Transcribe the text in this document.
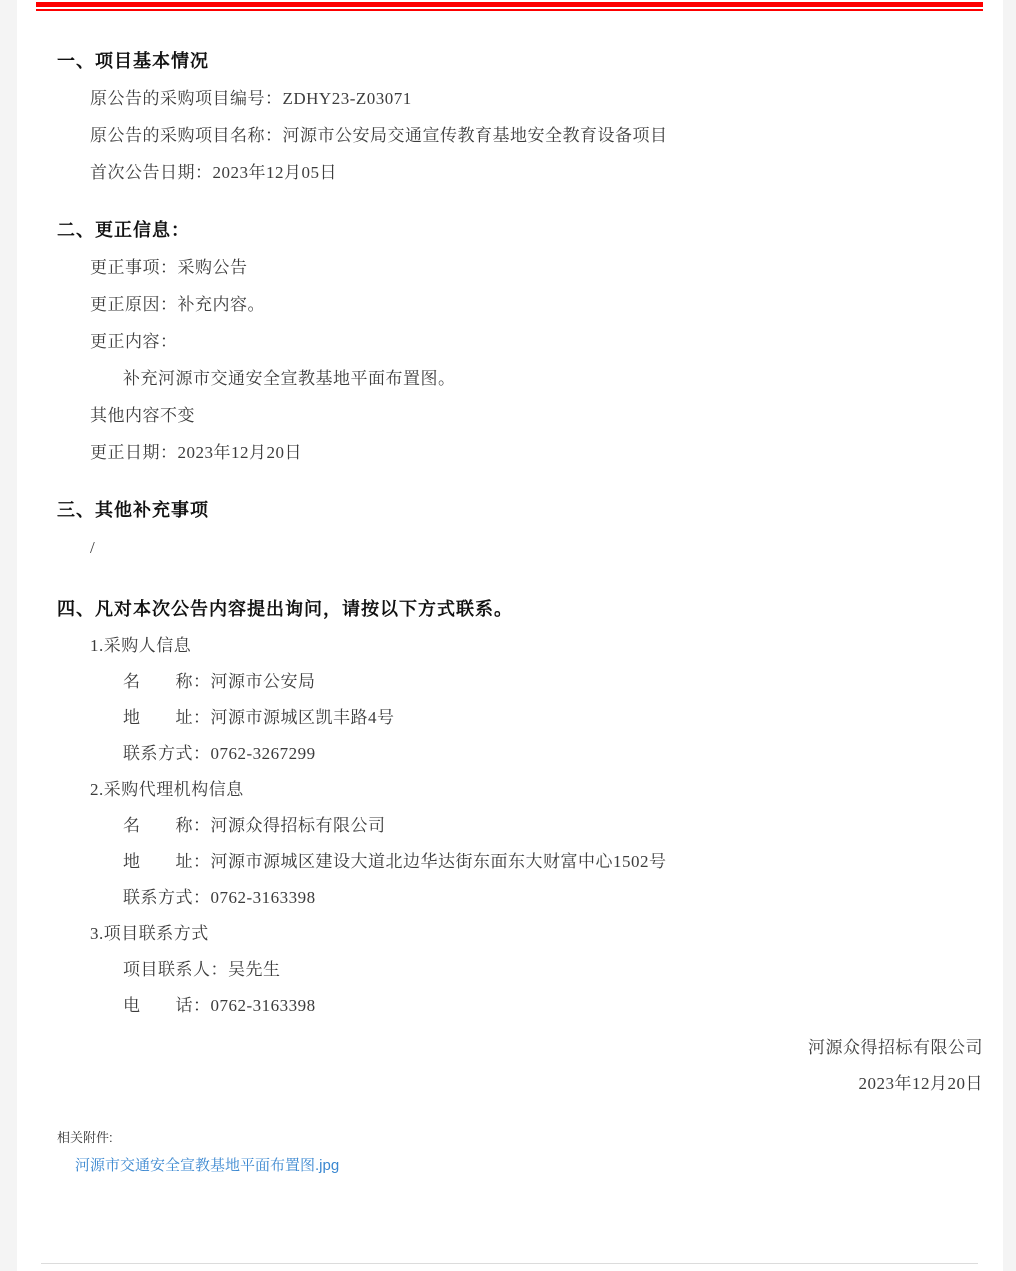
一、项目基本情况
原公告的采购项目编号：ZDHY23-Z03071
原公告的采购项目名称：河源市公安局交通宣传教育基地安全教育设备项目
首次公告日期：2023年12月05日
二、更正信息：
更正事项：采购公告
更正原因：补充内容。
更正内容：
补充河源市交通安全宣教基地平面布置图。
其他内容不变
更正日期：2023年12月20日
三、其他补充事项
/
四、凡对本次公告内容提出询问，请按以下方式联系。
1.采购人信息
名　　称：河源市公安局
地　　址：河源市源城区凯丰路4号
联系方式：0762-3267299
2.采购代理机构信息
名　　称：河源众得招标有限公司
地　　址：河源市源城区建设大道北边华达街东面东大财富中心1502号
联系方式：0762-3163398
3.项目联系方式
项目联系人：吴先生
电　　话：0762-3163398
河源众得招标有限公司
2023年12月20日
相关附件:
河源市交通安全宣教基地平面布置图.jpg
